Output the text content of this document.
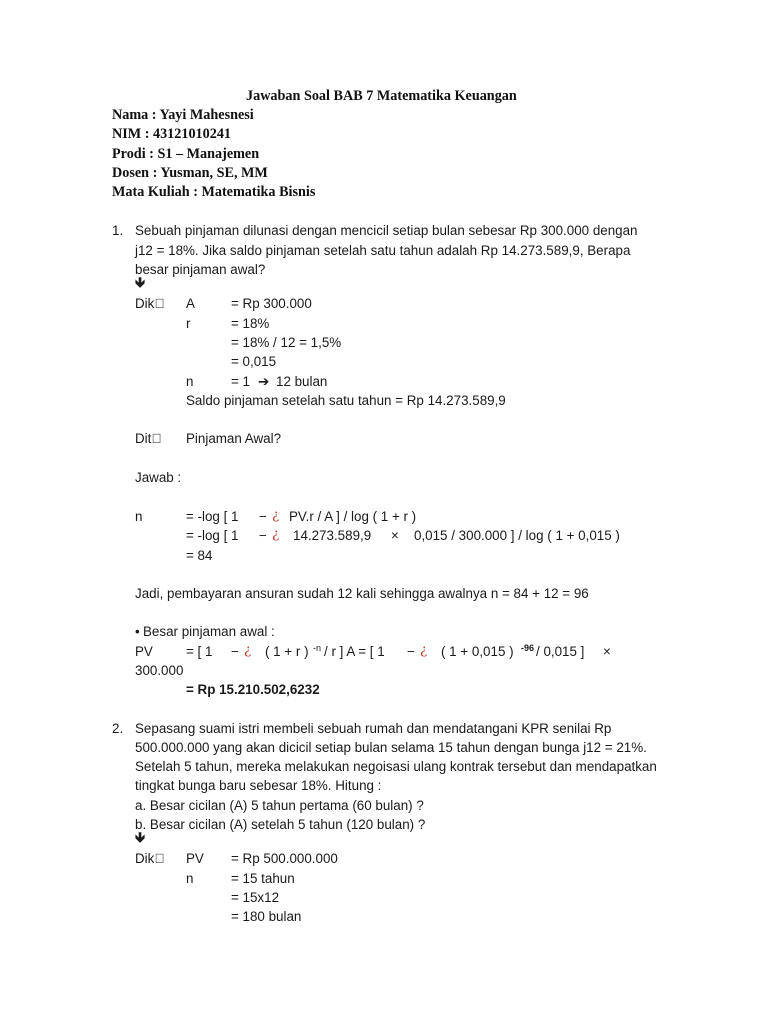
Jawaban Soal BAB 7 Matematika Keuangan
Nama : Yayi Mahesnesi
NIM : 43121010241
Prodi : S1 – Manajemen
Dosen : Yusman, SE, MM
Mata Kuliah : Matematika Bisnis
1. Sebuah pinjaman dilunasi dengan mencicil setiap bulan sebesar Rp 300.000 dengan
j12 = 18%. Jika saldo pinjaman setelah satu tahun adalah Rp 14.273.589,9, Berapa
besar pinjaman awal?
🡻
Dik A	= Rp 300.000
r	= 18%
= 18% / 12 = 1,5%
= 0,015
n	= 1 ➔ 12 bulan
Saldo pinjaman setelah satu tahun = Rp 14.273.589,9
Dit	Pinjaman Awal?
Jawab :
n	= -log [ 1 − ¿ PV.r / A ] / log ( 1 + r )
= -log [ 1 − ¿ 14.273.589,9 × 0,015 / 300.000 ] / log ( 1 + 0,015 )
= 84
Jadi, pembayaran ansuran sudah 12 kali sehingga awalnya n = 84 + 12 = 96
• Besar pinjaman awal :
PV = [ 1 − ¿ ( 1 + r ) -n / r ] A = [ 1 − ¿ ( 1 + 0,015 ) -96 / 0,015 ] ×
300.000
= Rp 15.210.502,6232
2. Sepasang suami istri membeli sebuah rumah dan mendatangani KPR senilai Rp
500.000.000 yang akan dicicil setiap bulan selama 15 tahun dengan bunga j12 = 21%.
Setelah 5 tahun, mereka melakukan negoisasi ulang kontrak tersebut dan mendapatkan
tingkat bunga baru sebesar 18%. Hitung :
a. Besar cicilan (A) 5 tahun pertama (60 bulan) ?
b. Besar cicilan (A) setelah 5 tahun (120 bulan) ?
🡻
Dik PV = Rp 500.000.000
n	= 15 tahun
= 15x12
= 180 bulan
